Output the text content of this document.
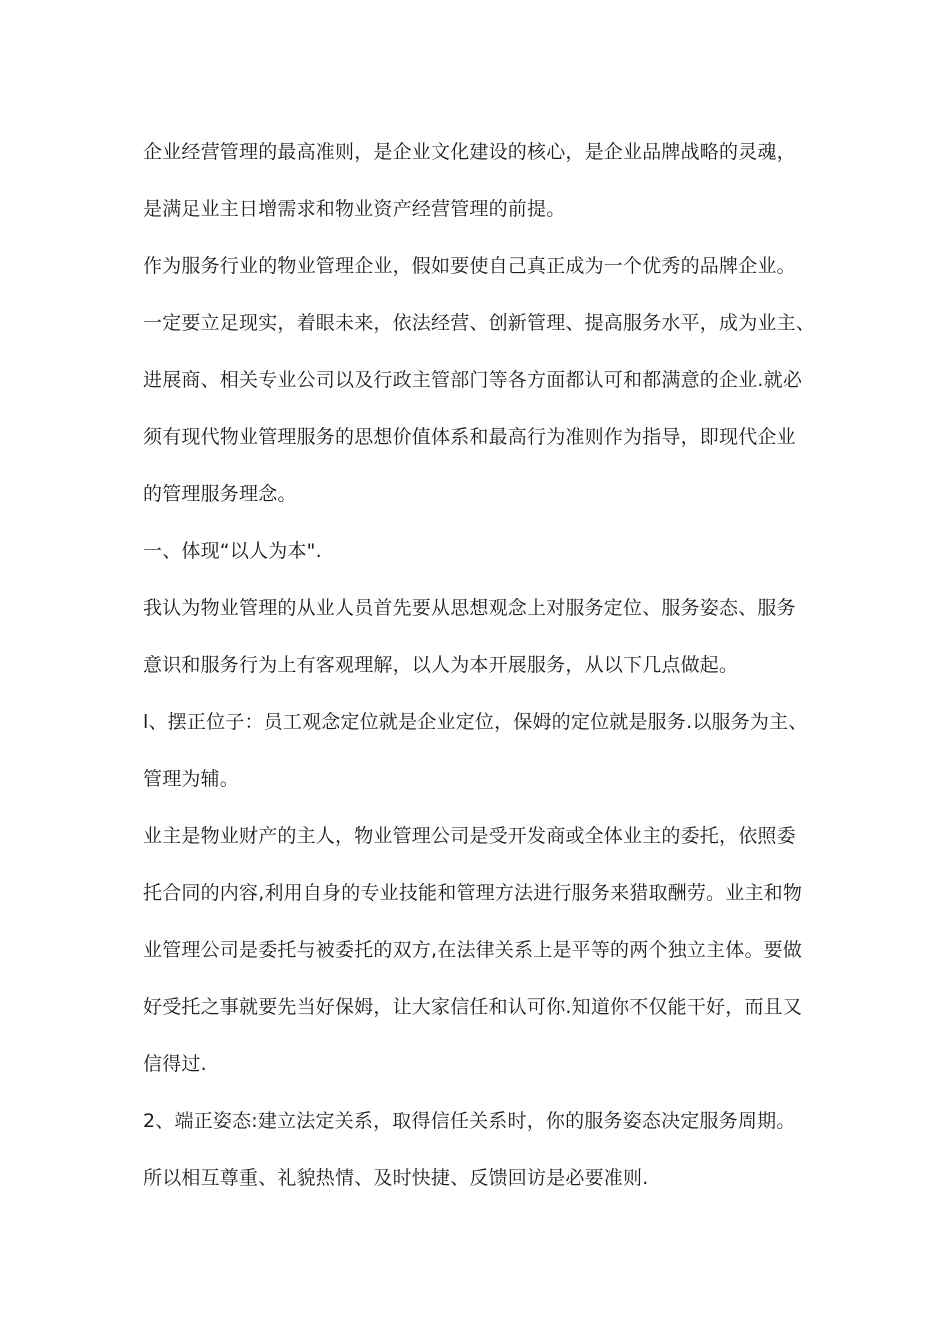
企业经营管理的最高准则，是企业文化建设的核心，是企业品牌战略的灵魂，
是满足业主日增需求和物业资产经营管理的前提。
作为服务行业的物业管理企业，假如要使自己真正成为一个优秀的品牌企业。
一定要立足现实，着眼未来，依法经营、创新管理、提高服务水平，成为业主、
进展商、相关专业公司以及行政主管部门等各方面都认可和都满意的企业.就必
须有现代物业管理服务的思想价值体系和最高行为准则作为指导，即现代企业
的管理服务理念。
一、体现“以人为本".
我认为物业管理的从业人员首先要从思想观念上对服务定位、服务姿态、服务
意识和服务行为上有客观理解，以人为本开展服务，从以下几点做起。
l、摆正位子：员工观念定位就是企业定位，保姆的定位就是服务.以服务为主、
管理为辅。
业主是物业财产的主人，物业管理公司是受开发商或全体业主的委托，依照委
托合同的内容,利用自身的专业技能和管理方法进行服务来猎取酬劳。业主和物
业管理公司是委托与被委托的双方,在法律关系上是平等的两个独立主体。要做
好受托之事就要先当好保姆，让大家信任和认可你.知道你不仅能干好，而且又
信得过.
2、端正姿态:建立法定关系，取得信任关系时，你的服务姿态决定服务周期。
所以相互尊重、礼貌热情、及时快捷、反馈回访是必要准则.
